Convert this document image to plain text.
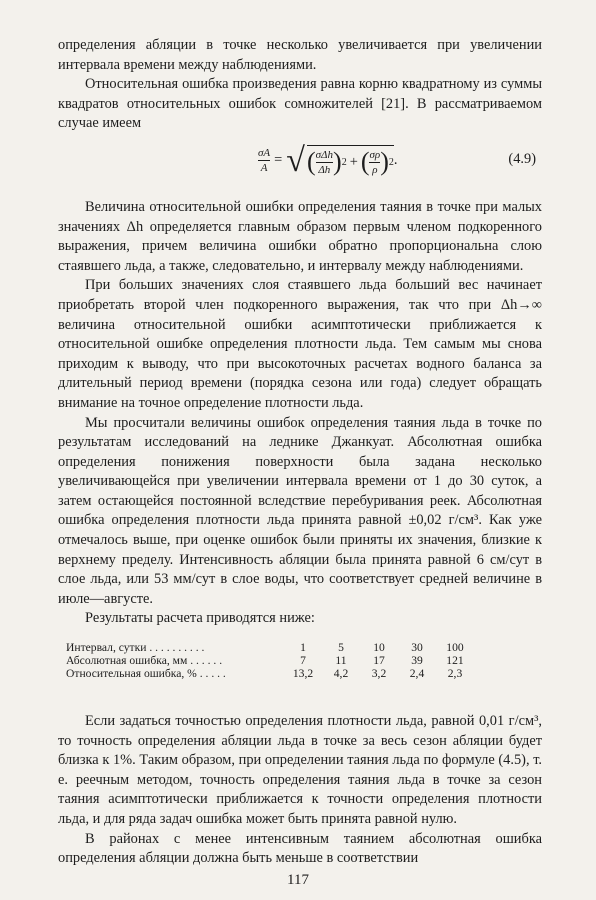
определения абляции в точке несколько увеличивается при увеличении интервала времени между наблюдениями.

Относительная ошибка произведения равна корню квадратному из суммы квадратов относительных ошибок сомножителей [21]. В рассматриваемом случае имеем

$\frac{\sigma A}{A}$ = √ ( $\frac{\text{σΔh}}{\Delta h}$ ) 2 + ( $\frac{\sigma\rho}{\rho}$ ) 2 .	(4.9)

Величина относительной ошибки определения таяния в точке при малых значениях Δh определяется главным образом первым членом подкоренного выражения, причем величина ошибки обратно пропорциональна слою стаявшего льда, а также, следовательно, и интервалу между наблюдениями.

При больших значениях слоя стаявшего льда больший вес начинает приобретать второй член подкоренного выражения, так что при Δh→∞ величина относительной ошибки асимптотически приближается к относительной ошибке определения плотности льда. Тем самым мы снова приходим к выводу, что при высокоточных расчетах водного баланса за длительный период времени (порядка сезона или года) следует обращать внимание на точное определение плотности льда.

Мы просчитали величины ошибок определения таяния льда в точке по результатам исследований на леднике Джанкуат. Абсолютная ошибка определения понижения поверхности была задана несколько увеличивающейся при увеличении интервала времени от 1 до 30 суток, а затем остающейся постоянной вследствие перебуривания реек. Абсолютная ошибка определения плотности льда принята равной ±0,02 г/см³. Как уже отмечалось выше, при оценке ошибок были приняты их значения, близкие к верхнему пределу. Интенсивность абляции была принята равной 6 см/сут в слое льда, или 53 мм/сут в слое воды, что соответствует средней величине в июле—августе.

Результаты расчета приводятся ниже:

Интервал, сутки . . . . . . . . . .	1	5	10	30	100
Абсолютная ошибка, мм . . . . . .	7	11	17	39	121
Относительная ошибка, % . . . . .	13,2	4,2	3,2	2,4	2,3

Если задаться точностью определения плотности льда, равной 0,01 г/см³, то точность определения абляции льда в точке за весь сезон абляции будет близка к 1%. Таким образом, при определении таяния льда по формуле (4.5), т. е. реечным методом, точность определения таяния льда в точке за сезон таяния асимптотически приближается к точности определения плотности льда, и для ряда задач ошибка может быть принята равной нулю.

В районах с менее интенсивным таянием абсолютная ошибка определения абляции должна быть меньше в соответствии

117
